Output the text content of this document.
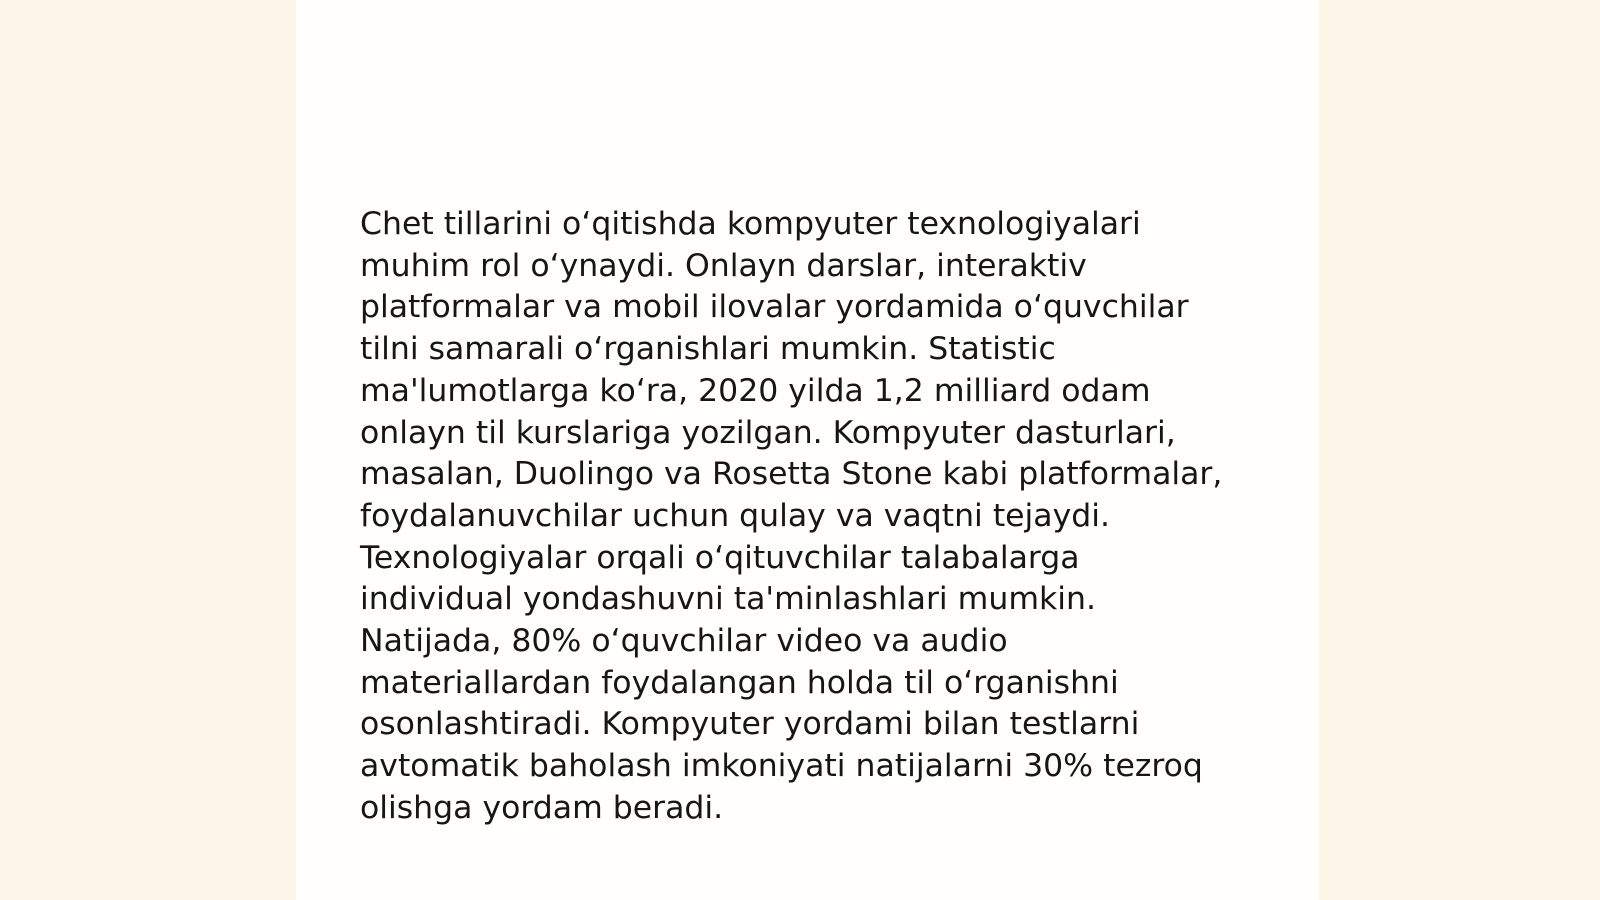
Chet tillarini o‘qitishda kompyuter texnologiyalari
muhim rol o‘ynaydi. Onlayn darslar, interaktiv
platformalar va mobil ilovalar yordamida o‘quvchilar
tilni samarali o‘rganishlari mumkin. Statistic
ma'lumotlarga ko‘ra, 2020 yilda 1,2 milliard odam
onlayn til kurslariga yozilgan. Kompyuter dasturlari,
masalan, Duolingo va Rosetta Stone kabi platformalar,
foydalanuvchilar uchun qulay va vaqtni tejaydi.
Texnologiyalar orqali o‘qituvchilar talabalarga
individual yondashuvni ta'minlashlari mumkin.
Natijada, 80% o‘quvchilar video va audio
materiallardan foydalangan holda til o‘rganishni
osonlashtiradi. Kompyuter yordami bilan testlarni
avtomatik baholash imkoniyati natijalarni 30% tezroq
olishga yordam beradi.
